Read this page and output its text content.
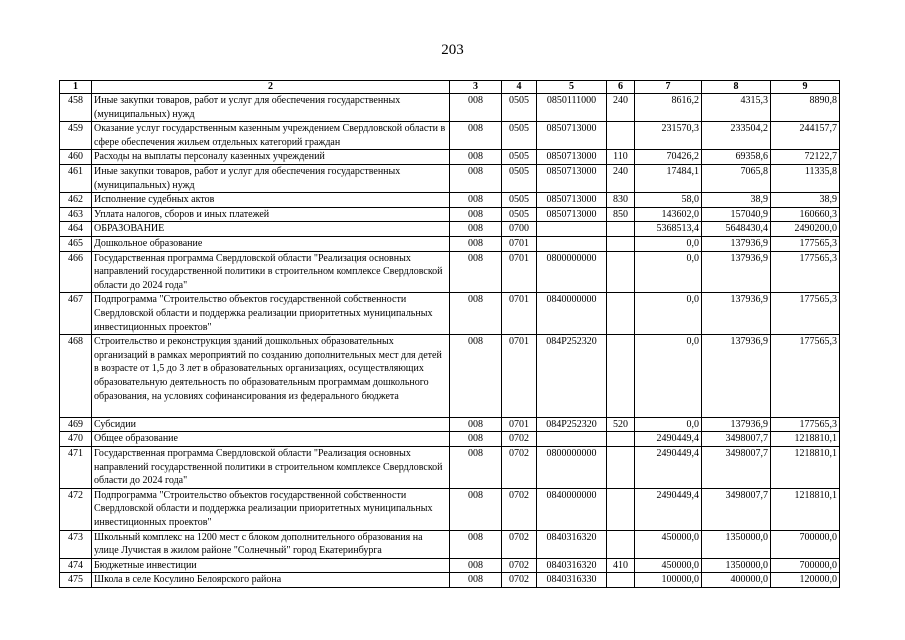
203
1	2	3	4	5	6	7	8	9
458	Иные закупки товаров, работ и услуг для обеспечения государственных (муниципальных) нужд	008	0505	0850111000	240	8616,2	4315,3	8890,8
459	Оказание услуг государственным казенным учреждением Свердловской области в сфере обеспечения жильем отдельных категорий граждан	008	0505	0850713000		231570,3	233504,2	244157,7
460	Расходы на выплаты персоналу казенных учреждений	008	0505	0850713000	110	70426,2	69358,6	72122,7
461	Иные закупки товаров, работ и услуг для обеспечения государственных (муниципальных) нужд	008	0505	0850713000	240	17484,1	7065,8	11335,8
462	Исполнение судебных актов	008	0505	0850713000	830	58,0	38,9	38,9
463	Уплата налогов, сборов и иных платежей	008	0505	0850713000	850	143602,0	157040,9	160660,3
464	ОБРАЗОВАНИЕ	008	0700			5368513,4	5648430,4	2490200,0
465	Дошкольное образование	008	0701			0,0	137936,9	177565,3
466	Государственная программа Свердловской области "Реализация основных направлений государственной политики в строительном комплексе Свердловской области до 2024 года"	008	0701	0800000000		0,0	137936,9	177565,3
467	Подпрограмма "Строительство объектов государственной собственности Свердловской области и поддержка реализации приоритетных муниципальных инвестиционных проектов"	008	0701	0840000000		0,0	137936,9	177565,3
468	Строительство и реконструкция зданий дошкольных образовательных организаций в рамках мероприятий по созданию дополнительных мест для детей в возрасте от 1,5 до 3 лет в образовательных организациях, осуществляющих образовательную деятельность по образовательным программам дошкольного образования, на условиях софинансирования из федерального бюджета	008	0701	084P252320		0,0	137936,9	177565,3
469	Субсидии	008	0701	084P252320	520	0,0	137936,9	177565,3
470	Общее образование	008	0702			2490449,4	3498007,7	1218810,1
471	Государственная программа Свердловской области "Реализация основных направлений государственной политики в строительном комплексе Свердловской области до 2024 года"	008	0702	0800000000		2490449,4	3498007,7	1218810,1
472	Подпрограмма "Строительство объектов государственной собственности Свердловской области и поддержка реализации приоритетных муниципальных инвестиционных проектов"	008	0702	0840000000		2490449,4	3498007,7	1218810,1
473	Школьный комплекс на 1200 мест с блоком дополнительного образования на улице Лучистая в жилом районе "Солнечный" город Екатеринбурга	008	0702	0840316320		450000,0	1350000,0	700000,0
474	Бюджетные инвестиции	008	0702	0840316320	410	450000,0	1350000,0	700000,0
475	Школа в селе Косулино Белоярского района	008	0702	0840316330		100000,0	400000,0	120000,0
